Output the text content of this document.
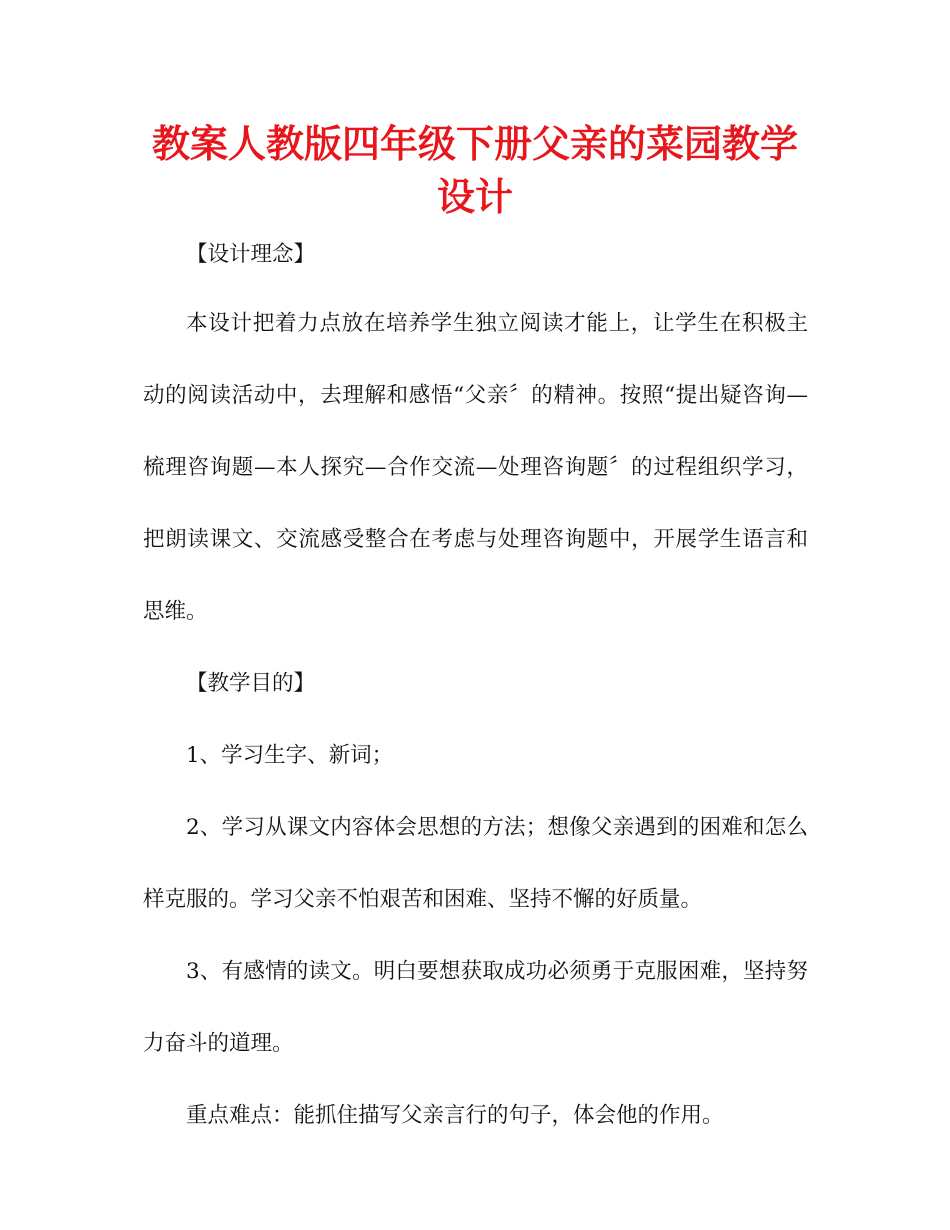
教案人教版四年级下册父亲的菜园教学设计

【设计理念】

本设计把着力点放在培养学生独立阅读才能上，让学生在积极主动的阅读活动中，去理解和感悟“父亲〞的精神。按照“提出疑咨询—梳理咨询题—本人探究—合作交流—处理咨询题〞的过程组织学习，把朗读课文、交流感受整合在考虑与处理咨询题中，开展学生语言和思维。

【教学目的】

1、学习生字、新词；

2、学习从课文内容体会思想的方法；想像父亲遇到的困难和怎么样克服的。学习父亲不怕艰苦和困难、坚持不懈的好质量。

3、有感情的读文。明白要想获取成功必须勇于克服困难，坚持努力奋斗的道理。

重点难点：能抓住描写父亲言行的句子，体会他的作用。
